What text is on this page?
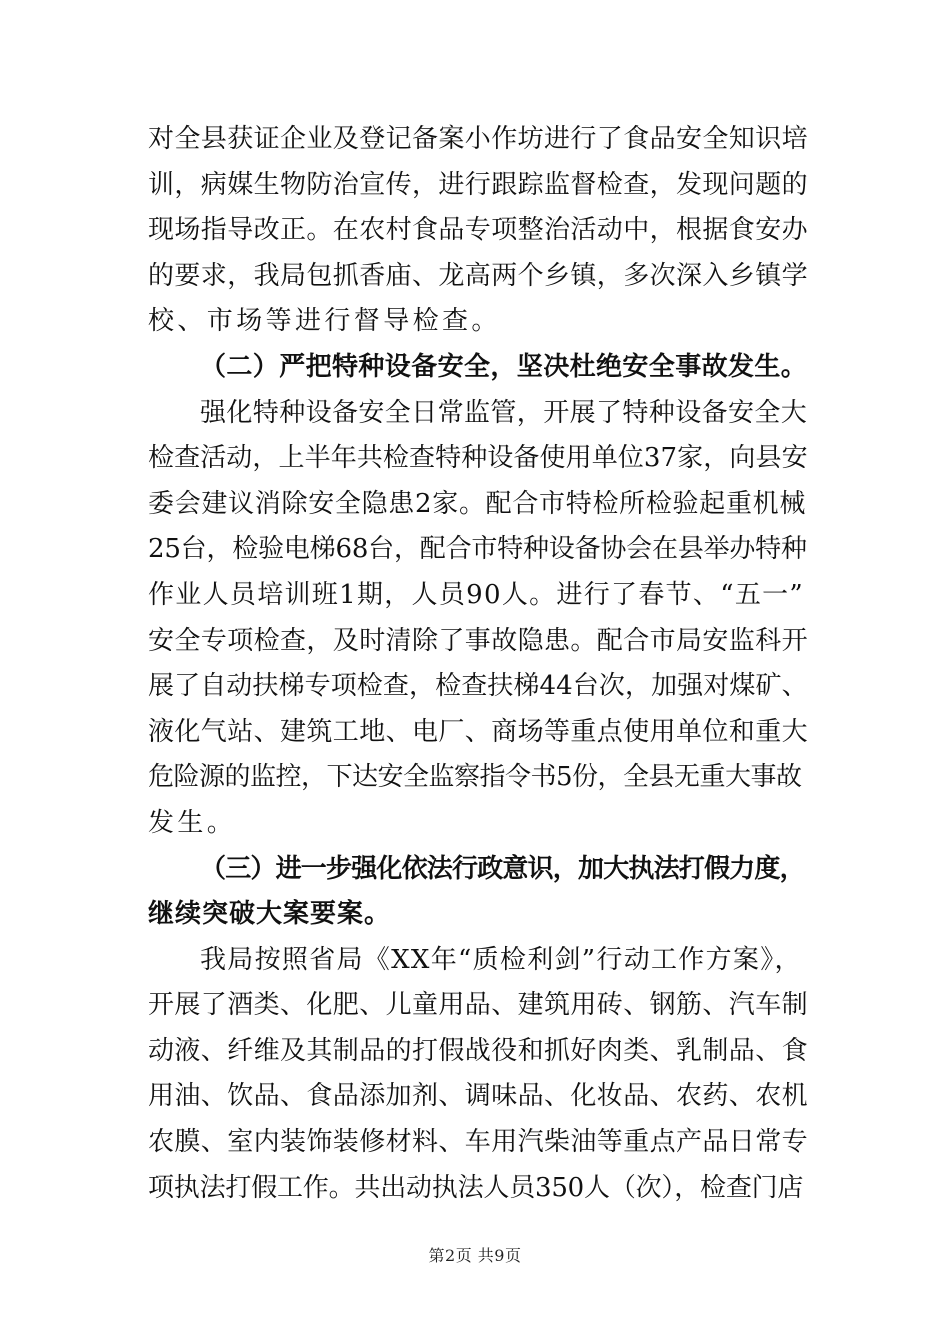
对全县获证企业及登记备案小作坊进行了食品安全知识培
训，病媒生物防治宣传，进行跟踪监督检查，发现问题的
现场指导改正。在农村食品专项整治活动中，根据食安办
的要求，我局包抓香庙、龙高两个乡镇，多次深入乡镇学
校、市场等进行督导检查。
（二）严把特种设备安全，坚决杜绝安全事故发生。
强化特种设备安全日常监管，开展了特种设备安全大
检查活动，上半年共检查特种设备使用单位37家，向县安
委会建议消除安全隐患2家。配合市特检所检验起重机械
25台，检验电梯68台，配合市特种设备协会在县举办特种
作业人员培训班1期，人员90人。进行了春节、“五一”
安全专项检查，及时清除了事故隐患。配合市局安监科开
展了自动扶梯专项检查，检查扶梯44台次，加强对煤矿、
液化气站、建筑工地、电厂、商场等重点使用单位和重大
危险源的监控，下达安全监察指令书5份，全县无重大事故
发生。
（三）进一步强化依法行政意识，加大执法打假力度，
继续突破大案要案。
我局按照省局《XX年“质检利剑”行动工作方案》，
开展了酒类、化肥、儿童用品、建筑用砖、钢筋、汽车制
动液、纤维及其制品的打假战役和抓好肉类、乳制品、食
用油、饮品、食品添加剂、调味品、化妆品、农药、农机
农膜、室内装饰装修材料、车用汽柴油等重点产品日常专
项执法打假工作。共出动执法人员350人（次），检查门店
第2页 共9页
